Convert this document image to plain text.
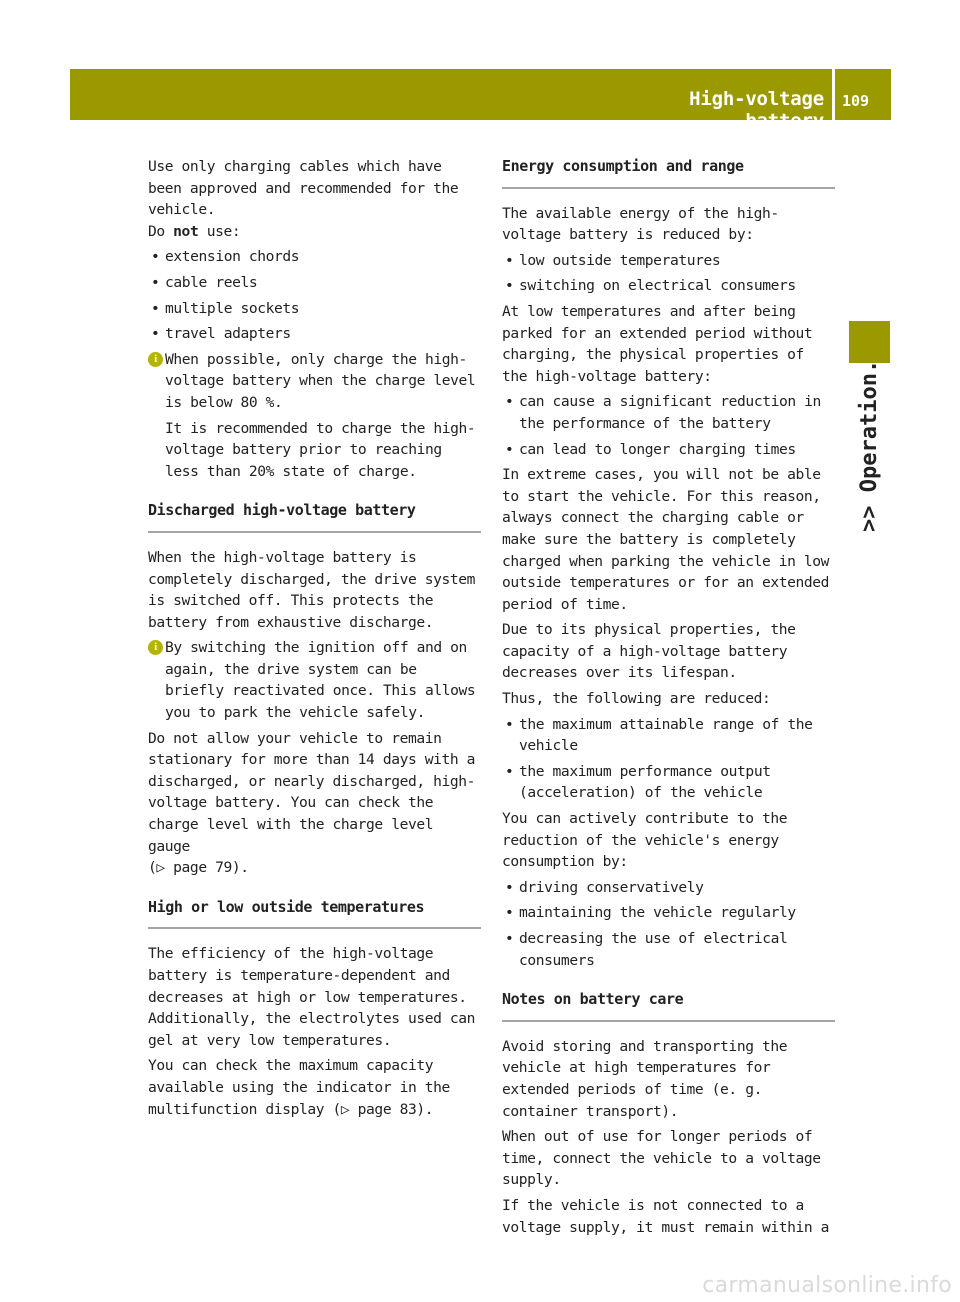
High-voltage battery
109
>> Operation.

Use only charging cables which have been approved and recommended for the vehicle.
Do not use:

• extension chords
• cable reels
• multiple sockets
• travel adapters
i When possible, only charge the high-voltage battery when the charge level is below 80 %.

It is recommended to charge the high-voltage battery prior to reaching less than 20% state of charge.

Discharged high-voltage battery

When the high-voltage battery is completely discharged, the drive system is switched off. This protects the battery from exhaustive discharge.

i By switching the ignition off and on again, the drive system can be briefly reactivated once. This allows you to park the vehicle safely.

Do not allow your vehicle to remain stationary for more than 14 days with a discharged, or nearly discharged, high-voltage battery. You can check the charge level with the charge level gauge
(▷ page 79).

High or low outside temperatures

The efficiency of the high-voltage battery is temperature-dependent and decreases at high or low temperatures. Additionally, the electrolytes used can gel at very low temperatures.

You can check the maximum capacity available using the indicator in the multifunction display (▷ page 83).

Energy consumption and range

The available energy of the high-voltage battery is reduced by:

• low outside temperatures
• switching on electrical consumers

At low temperatures and after being parked for an extended period without charging, the physical properties of the high-voltage battery:

• can cause a significant reduction in the performance of the battery
• can lead to longer charging times

In extreme cases, you will not be able to start the vehicle. For this reason, always connect the charging cable or make sure the battery is completely charged when parking the vehicle in low outside temperatures or for an extended period of time.

Due to its physical properties, the capacity of a high-voltage battery decreases over its lifespan.

Thus, the following are reduced:

• the maximum attainable range of the vehicle
• the maximum performance output (acceleration) of the vehicle

You can actively contribute to the reduction of the vehicle's energy consumption by:

• driving conservatively
• maintaining the vehicle regularly
• decreasing the use of electrical consumers
Notes on battery care

Avoid storing and transporting the vehicle at high temperatures for extended periods of time (e. g. container transport).

When out of use for longer periods of time, connect the vehicle to a voltage supply.

If the vehicle is not connected to a voltage supply, it must remain within a

carmanualsonline.info
